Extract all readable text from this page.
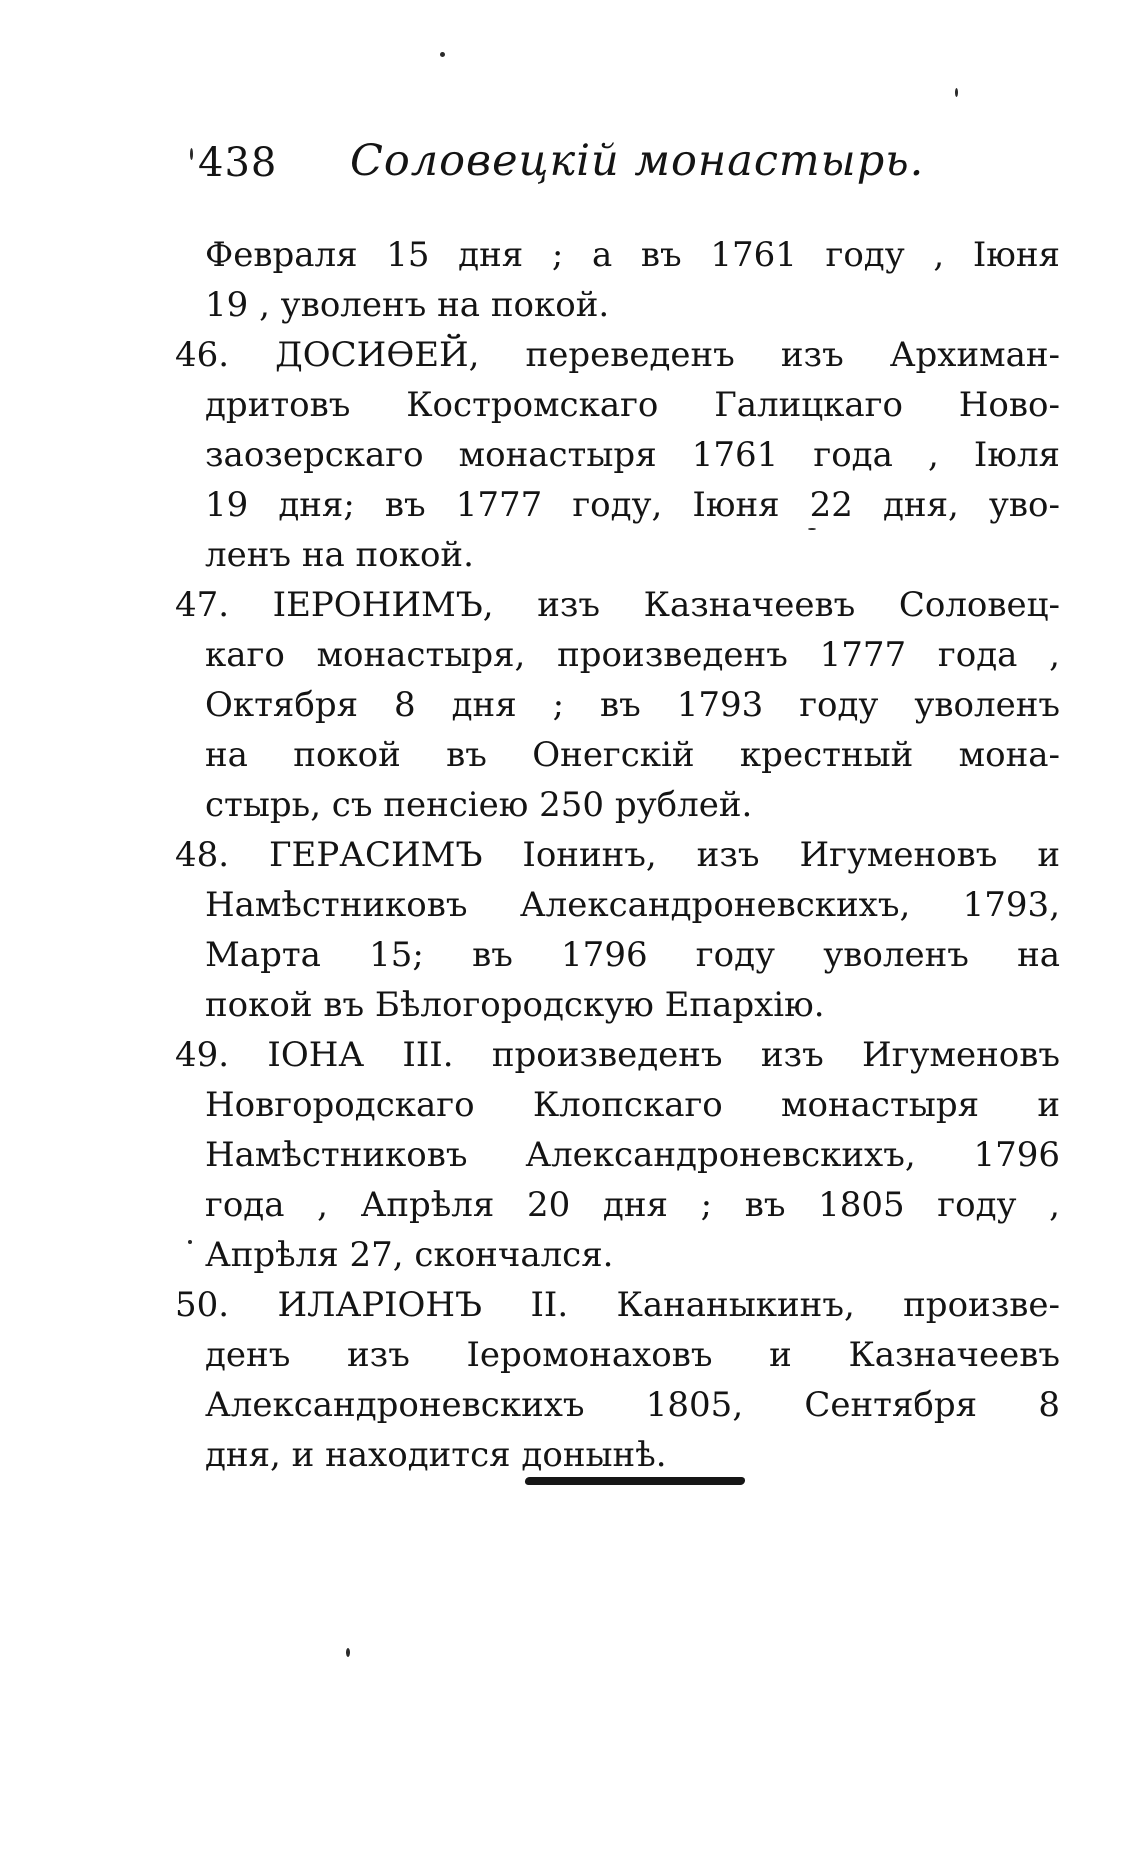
438 Соловецкій монастырь.
Февраля 15 дня ; а въ 1761 году , Іюня
19 , уволенъ на покой.
46. ДОСИѲЕЙ, переведенъ изъ Архиман-
дритовъ Костромскаго Галицкаго Ново-
заозерскаго монастыря 1761 года , Іюля
19 дня; въ 1777 году, Іюня 22 дня, уво-
ленъ на покой.
47. ІЕРОНИМЪ, изъ Казначеевъ Соловец-
каго монастыря, произведенъ 1777 года ,
Октября 8 дня ; въ 1793 году уволенъ
на покой въ Онегскій крестный мона-
стырь, съ пенсіею 250 рублей.
48. ГЕРАСИМЪ Іонинъ, изъ Игуменовъ и
Намѣстниковъ Александроневскихъ, 1793,
Марта 15; въ 1796 году уволенъ на
покой въ Бѣлогородскую Епархію.
49. ІОНА III. произведенъ изъ Игуменовъ
Новгородскаго Клопскаго монастыря и
Намѣстниковъ Александроневскихъ, 1796
года , Апрѣля 20 дня ; въ 1805 году ,
Апрѣля 27, скончался.
50. ИЛАРІОНЪ II. Кананыкинъ, произве-
денъ изъ Іеромонаховъ и Казначеевъ
Александроневскихъ 1805, Сентября 8
дня, и находится донынѣ.
